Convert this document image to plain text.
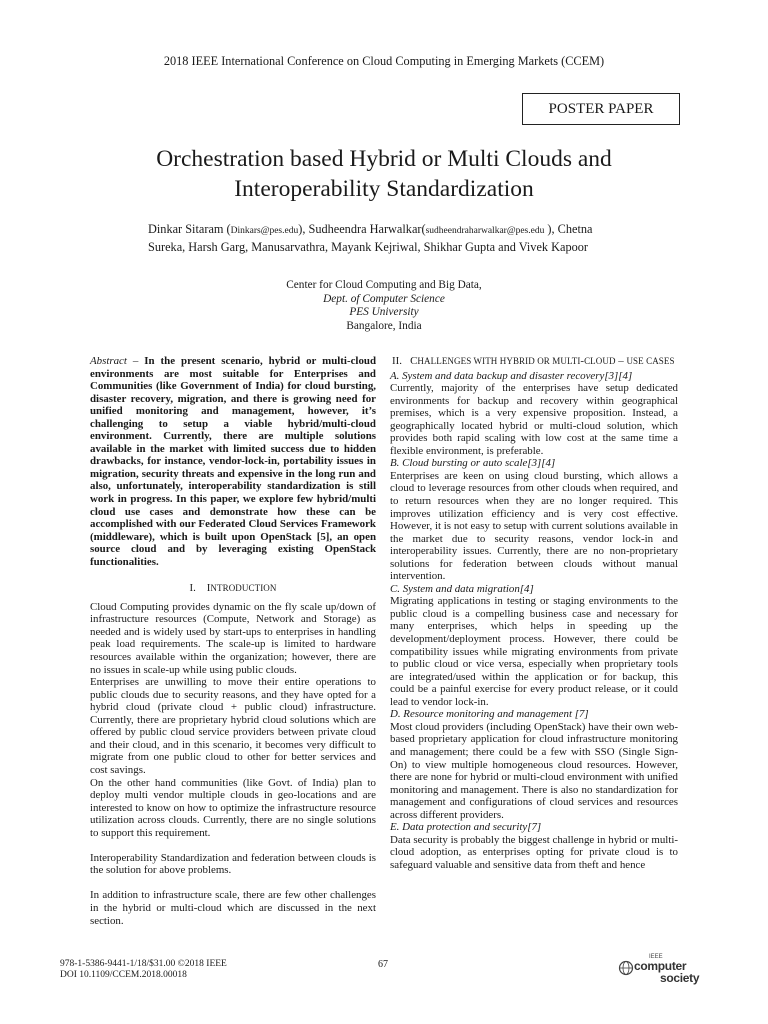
2018 IEEE International Conference on Cloud Computing in Emerging Markets (CCEM)
POSTER PAPER
Orchestration based Hybrid or Multi Clouds and
Interoperability Standardization
Dinkar Sitaram (Dinkars@pes.edu), Sudheendra Harwalkar(sudheendraharwalkar@pes.edu ), Chetna
Sureka, Harsh Garg, Manusarvathra, Mayank Kejriwal, Shikhar Gupta and Vivek Kapoor
Center for Cloud Computing and Big Data,
Dept. of Computer Science
PES University
Bangalore, India

Abstract – In the present scenario, hybrid or multi-cloud environments are most suitable for Enterprises and Communities (like Government of India) for cloud bursting, disaster recovery, migration, and there is growing need for unified monitoring and management, however, it’s challenging to setup a viable hybrid/multi-cloud environment. Currently, there are multiple solutions available in the market with limited success due to hidden drawbacks, for instance, vendor-lock-in, portability issues in migration, security threats and expensive in the long run and also, unfortunately, interoperability standardization is still work in progress. In this paper, we explore few hybrid/multi cloud use cases and demonstrate how these can be accomplished with our Federated Cloud Services Framework (middleware), which is built upon OpenStack [5], an open source cloud and by leveraging existing OpenStack functionalities.

I. INTRODUCTION

Cloud Computing provides dynamic on the fly scale up/down of infrastructure resources (Compute, Network and Storage) as needed and is widely used by start-ups to enterprises in handling peak load requirements. The scale-up is limited to hardware resources available within the organization; however, there are no issues in scale-up while using public clouds.

Enterprises are unwilling to move their entire operations to public clouds due to security reasons, and they have opted for a hybrid cloud (private cloud + public cloud) infrastructure. Currently, there are proprietary hybrid cloud solutions which are offered by public cloud service providers between private cloud and their cloud, and in this scenario, it becomes very difficult to migrate from one public cloud to other for better services and cost savings.

On the other hand communities (like Govt. of India) plan to deploy multi vendor multiple clouds in geo-locations and are interested to know on how to optimize the infrastructure resource utilization across clouds. Currently, there are no single solutions to support this requirement.

Interoperability Standardization and federation between clouds is the solution for above problems.

In addition to infrastructure scale, there are few other challenges in the hybrid or multi-cloud which are discussed in the next section.

II. CHALLENGES WITH HYBRID OR MULTI-CLOUD – USE CASES

A. System and data backup and disaster recovery[3][4]

Currently, majority of the enterprises have setup dedicated environments for backup and recovery within geographical premises, which is a very expensive proposition. Instead, a geographically located hybrid or multi-cloud solution, which provides both rapid scaling with low cost at the same time a flexible environment, is preferable.

B. Cloud bursting or auto scale[3][4]

Enterprises are keen on using cloud bursting, which allows a cloud to leverage resources from other clouds when required, and to return resources when they are no longer required. This improves utilization efficiency and is very cost effective. However, it is not easy to setup with current solutions available in the market due to security reasons, vendor lock-in and interoperability issues. Currently, there are no non-proprietary solutions for federation between clouds without manual intervention.

C. System and data migration[4]

Migrating applications in testing or staging environments to the public cloud is a compelling business case and necessary for many enterprises, which helps in speeding up the development/deployment process. However, there could be compatibility issues while migrating environments from private to public cloud or vice versa, especially when proprietary tools are integrated/used within the application or for backup, this could be a painful exercise for every product release, or it could lead to vendor lock-in.

D. Resource monitoring and management [7]

Most cloud providers (including OpenStack) have their own web-based proprietary application for cloud infrastructure monitoring and management; there could be a few with SSO (Single Sign-On) to view multiple homogeneous cloud resources. However, there are none for hybrid or multi-cloud environment with unified monitoring and management. There is also no standardization for management and configurations of cloud services and resources across different providers.

E. Data protection and security[7]

Data security is probably the biggest challenge in hybrid or multi-cloud adoption, as enterprises opting for private cloud is to safeguard valuable and sensitive data from theft and hence

978-1-5386-9441-1/18/$31.00 ©2018 IEEE
DOI 10.1109/CCEM.2018.00018
67
IEEE
computer
society
